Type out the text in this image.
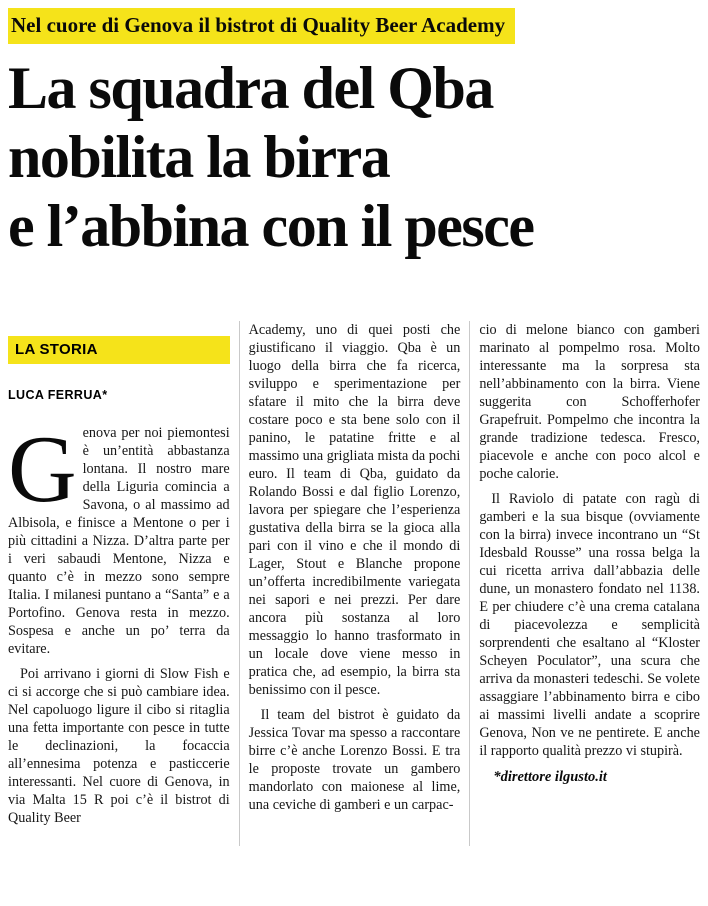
Nel cuore di Genova il bistrot di Quality Beer Academy
La squadra del Qba
nobilita la birra
e l’abbina con il pesce
LA STORIA
LUCA FERRUA*

Genova per noi piemontesi è un’entità abbastanza lontana. Il nostro mare della Liguria comincia a Savona, o al massimo ad Albisola, e finisce a Mentone o per i più cittadini a Nizza. D’altra parte per i veri sabaudi Mentone, Nizza e quanto c’è in mezzo sono sempre Italia. I milanesi puntano a “Santa” e a Portofino. Genova resta in mezzo. Sospesa e anche un po’ terra da evitare.

Poi arrivano i giorni di Slow Fish e ci si accorge che si può cambiare idea. Nel capoluogo ligure il cibo si ritaglia una fetta importante con pesce in tutte le declinazioni, la focaccia all’ennesima potenza e pasticcerie interessanti. Nel cuore di Genova, in via Malta 15 R poi c’è il bistrot di Quality Beer

Academy, uno di quei posti che giustificano il viaggio. Qba è un luogo della birra che fa ricerca, sviluppo e sperimentazione per sfatare il mito che la birra deve costare poco e sta bene solo con il panino, le patatine fritte e al massimo una grigliata mista da pochi euro. Il team di Qba, guidato da Rolando Bossi e dal figlio Lorenzo, lavora per spiegare che l’esperienza gustativa della birra se la gioca alla pari con il vino e che il mondo di Lager, Stout e Blanche propone un’offerta incredibilmente variegata nei sapori e nei prezzi. Per dare ancora più sostanza al loro messaggio lo hanno trasformato in un locale dove viene messo in pratica che, ad esempio, la birra sta benissimo con il pesce.

Il team del bistrot è guidato da Jessica Tovar ma spesso a raccontare birre c’è anche Lorenzo Bossi. E tra le proposte trovate un gambero mandorlato con maionese al lime, una ceviche di gamberi e un carpac-

cio di melone bianco con gamberi marinato al pompelmo rosa. Molto interessante ma la sorpresa sta nell’abbinamento con la birra. Viene suggerita con Schofferhofer Grapefruit. Pompelmo che incontra la grande tradizione tedesca. Fresco, piacevole e anche con poco alcol e poche calorie.

Il Raviolo di patate con ragù di gamberi e la sua bisque (ovviamente con la birra) invece incontrano un “St Idesbald Rousse” una rossa belga la cui ricetta arriva dall’abbazia delle dune, un monastero fondato nel 1138. E per chiudere c’è una crema catalana di piacevolezza e semplicità sorprendenti che esaltano al “Kloster Scheyen Poculator”, una scura che arriva da monasteri tedeschi. Se volete assaggiare l’abbinamento birra e cibo ai massimi livelli andate a scoprire Genova, Non ve ne pentirete. E anche il rapporto qualità prezzo vi stupirà.

*direttore ilgusto.it
